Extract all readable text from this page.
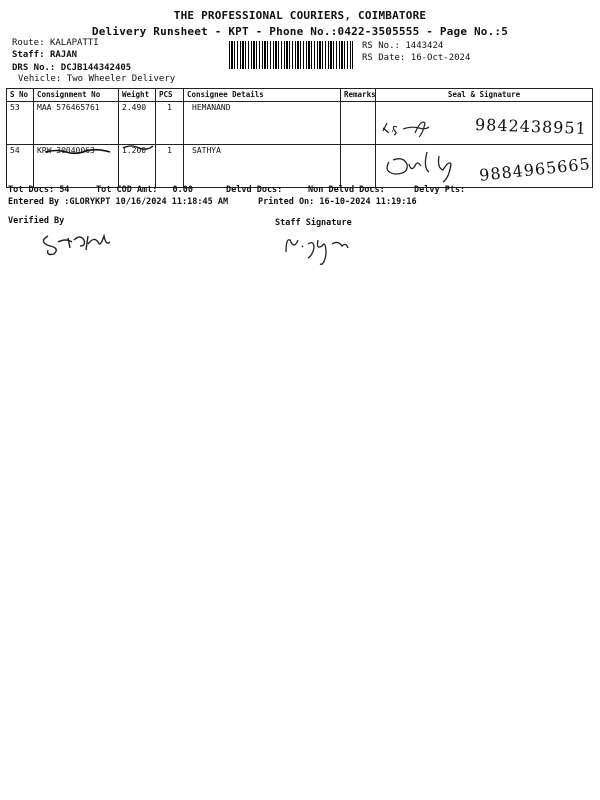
THE PROFESSIONAL COURIERS, COIMBATORE
Delivery Runsheet - KPT - Phone No.:0422-3505555 - Page No.:5
Route: KALAPATTI
Staff: RAJAN
DRS No.: DCJB144342405
Vehicle: Two Wheeler Delivery
RS No.: 1443424
RS Date: 16-Oct-2024
S No	Consignment No	Weight	PCS	Consignee Details	Remarks	Seal & Signature
53	MAA 576465761	2.490	1	HEMANAND		9842438951

54	KRW 30040063	1.200	1	SATHYA		9884965665
Tot Docs: 54	Tot COD Amt: 0.00	Delvd Docs:	Non Delvd Docs:	Delvy Pts:
Entered By :GLORYKPT 10/16/2024 11:18:45 AM	Printed On: 16-10-2024 11:19:16
Verified By	Staff Signature
